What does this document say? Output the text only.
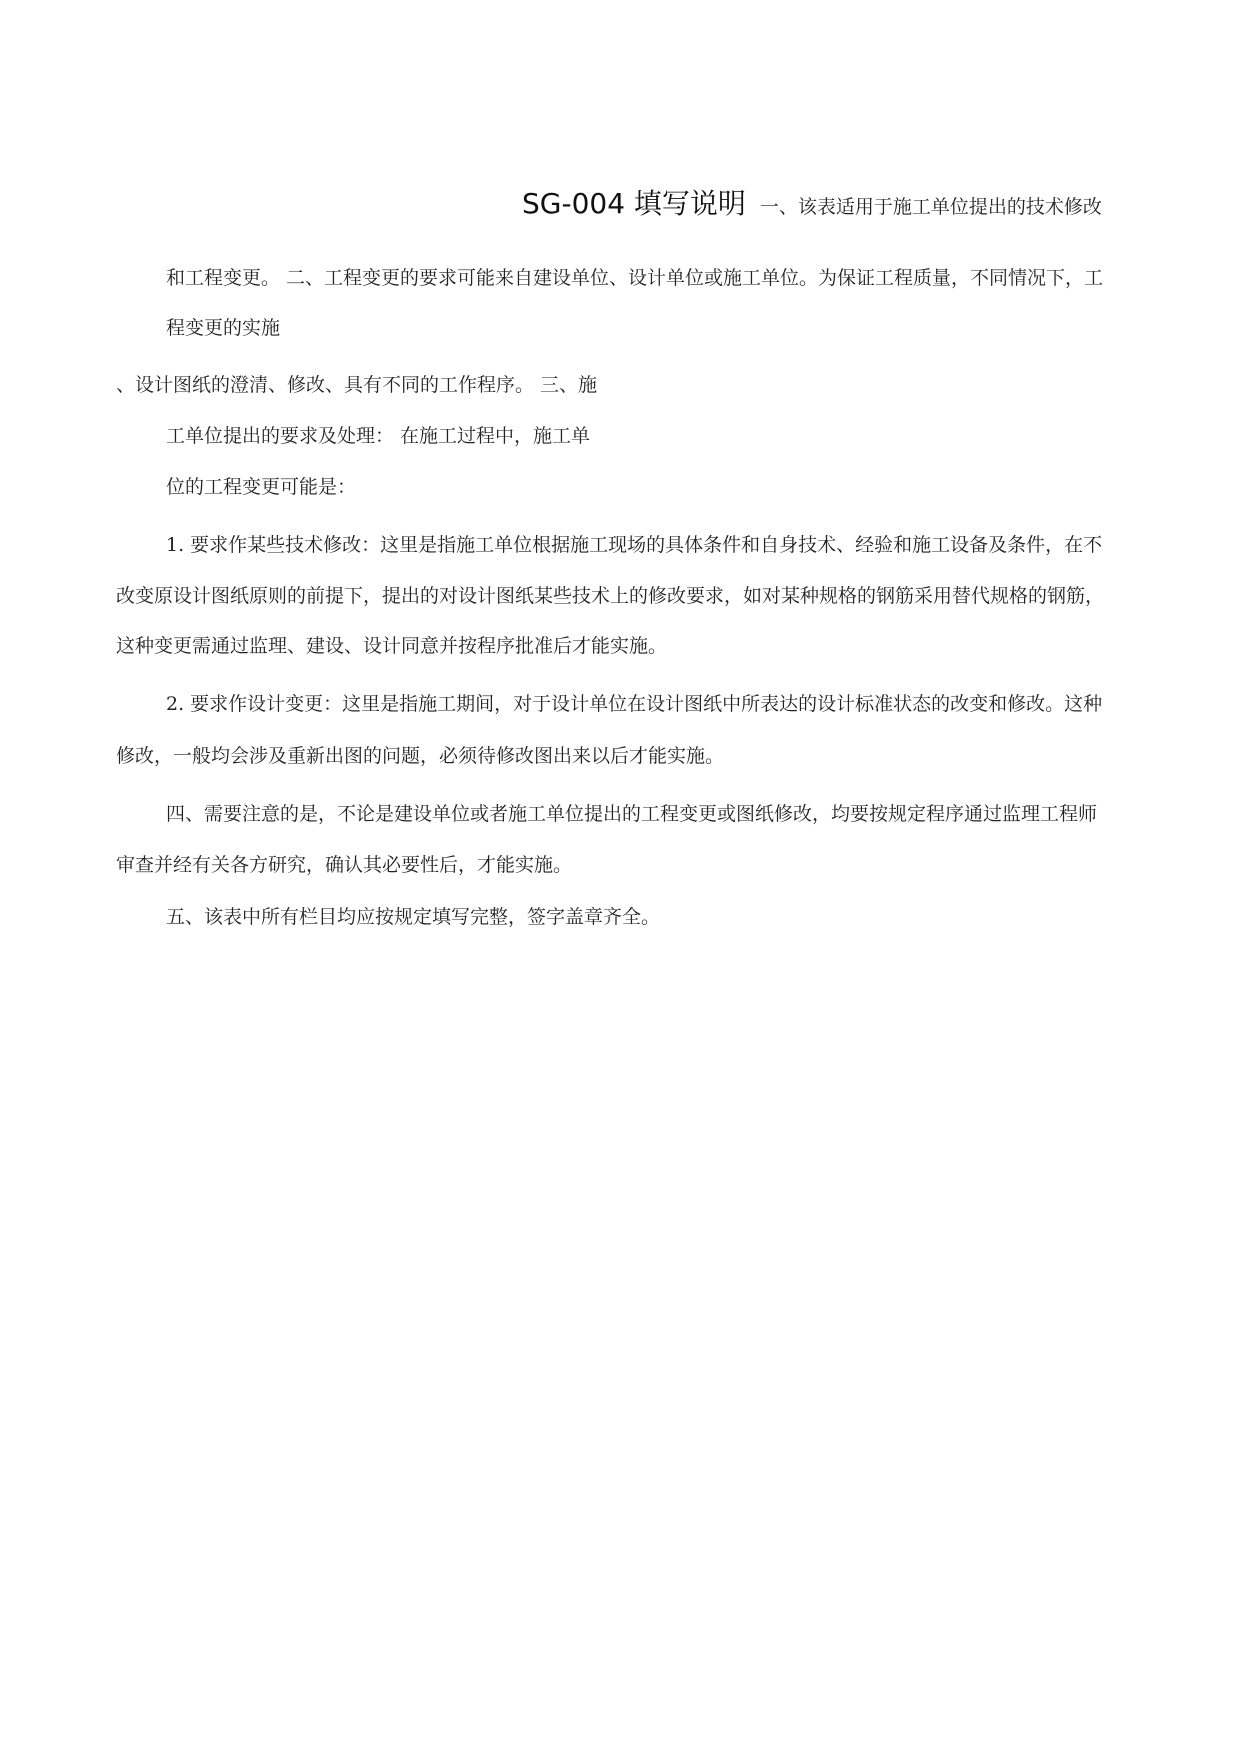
SG-004 填写说明 一、该表适用于施工单位提出的技术修改
和工程变更。 二、工程变更的要求可能来自建设单位、设计单位或施工单位。为保证工程质量，不同情况下，工
程变更的实施
、设计图纸的澄清、修改、具有不同的工作程序。 三、施
工单位提出的要求及处理： 在施工过程中，施工单
位的工程变更可能是：
1. 要求作某些技术修改：这里是指施工单位根据施工现场的具体条件和自身技术、经验和施工设备及条件，在不
改变原设计图纸原则的前提下，提出的对设计图纸某些技术上的修改要求，如对某种规格的钢筋采用替代规格的钢筋，
这种变更需通过监理、建设、设计同意并按程序批准后才能实施。
2. 要求作设计变更：这里是指施工期间，对于设计单位在设计图纸中所表达的设计标准状态的改变和修改。这种
修改，一般均会涉及重新出图的问题，必须待修改图出来以后才能实施。
四、需要注意的是，不论是建设单位或者施工单位提出的工程变更或图纸修改，均要按规定程序通过监理工程师
审查并经有关各方研究，确认其必要性后，才能实施。
五、该表中所有栏目均应按规定填写完整，签字盖章齐全。
